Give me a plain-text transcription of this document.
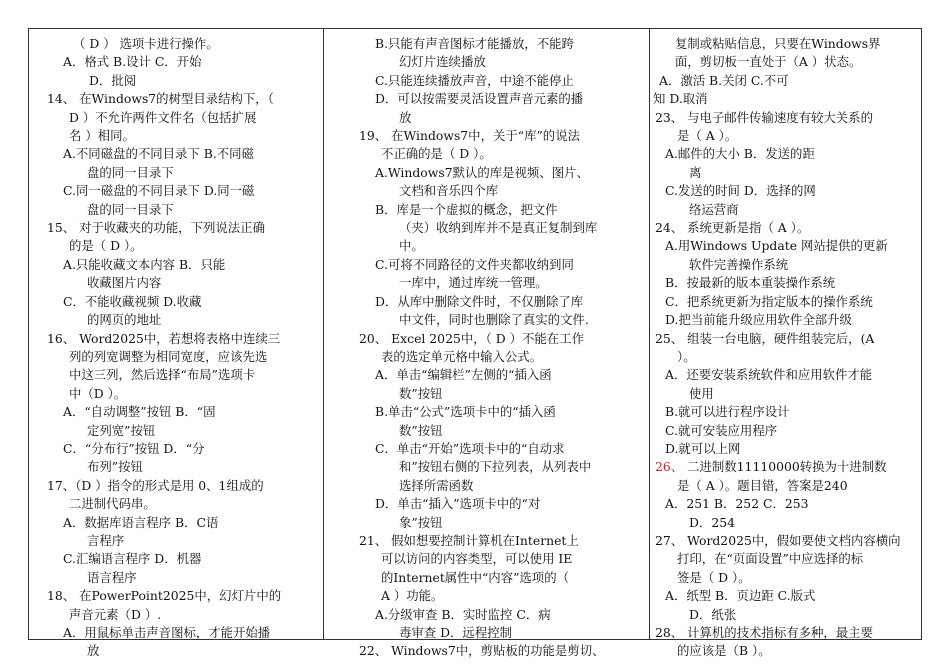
（ D ） 选项卡进行操作。

A．格式 B.设计 C．开始

D．批阅

14、 在Windows7的树型目录结构下，（

D ）不允许两件文件名（包括扩展

名 ）相同。

A.不同磁盘的不同目录下 B.不同磁

盘的同一目录下

C.同一磁盘的不同目录下 D.同一磁

盘的同一目录下

15、 对于收藏夹的功能，下列说法正确

的是（ D ）。

A.只能收藏文本内容 B．只能

收藏图片内容

C．不能收藏视频 D.收藏

的网页的地址

16、 Word2025中，若想将表格中连续三

列的列宽调整为相同宽度，应该先选

中这三列，然后选择“布局”选项卡

中（D ）。

A．“自动调整”按钮 B．“固

定列宽”按钮

C．“分布行”按钮 D．“分

布列”按钮

17、（D ）指令的形式是用 0、1组成的

二进制代码串。

A．数据库语言程序 B．C语

言程序

C.汇编语言程序 D．机器

语言程序

18、 在PowerPoint2025中，幻灯片中的

声音元素（D ）.

A．用鼠标单击声音图标，才能开始播

放

B.只能有声音图标才能播放，不能跨

幻灯片连续播放

C.只能连续播放声音，中途不能停止

D．可以按需要灵活设置声音元素的播

放

19、 在Windows7中，关于“库”的说法

不正确的是（ D ）。

A.Windows7默认的库是视频、图片、

文档和音乐四个库

B．库是一个虚拟的概念，把文件

（夹）收纳到库并不是真正复制到库

中。

C.可将不同路径的文件夹都收纳到同

一库中，通过库统一管理。

D．从库中删除文件时，不仅删除了库

中文件，同时也删除了真实的文件.

20、 Excel 2025中，（ D ）不能在工作

表的选定单元格中输入公式。

A．单击“编辑栏”左侧的“插入函

数”按钮

B.单击“公式”选项卡中的“插入函

数”按钮

C．单击“开始”选项卡中的“自动求

和”按钮右侧的下拉列表，从列表中

选择所需函数

D．单击“插入”选项卡中的“对

象”按钮

21、 假如想要控制计算机在Internet上

可以访问的内容类型，可以使用 IE

的Internet属性中“内容”选项的（

A ）功能。

A.分级审查 B．实时监控 C．病

毒审查 D．远程控制

22、 Windows7中，剪贴板的功能是剪切、

复制或粘贴信息，只要在Windows界

面，剪切板一直处于（A ）状态。

A．激活 B.关闭 C.不可

知 D.取消

23、 与电子邮件传输速度有较大关系的

是（ A ）。

A.邮件的大小 B．发送的距

离

C.发送的时间 D．选择的网

络运营商

24、 系统更新是指（ A ）。

A.用Windows Update 网站提供的更新

软件完善操作系统

B．按最新的版本重装操作系统

C．把系统更新为指定版本的操作系统

D.把当前能升级应用软件全部升级

25、 组装一台电脑，硬件组装完后，(A

）。

A．还要安装系统软件和应用软件才能

使用

B.就可以进行程序设计

C.就可安装应用程序

D.就可以上网

26、 二进制数11110000转换为十进制数

是（ A ）。题目错，答案是240

A．251 B．252 C．253

D．254

27、 Word2025中，假如要使文档内容横向

打印，在“页面设置”中应选择的标

签是（ D ）。

A．纸型 B．页边距 C.版式

D．纸张

28、 计算机的技术指标有多种，最主要

的应该是（B ）。
